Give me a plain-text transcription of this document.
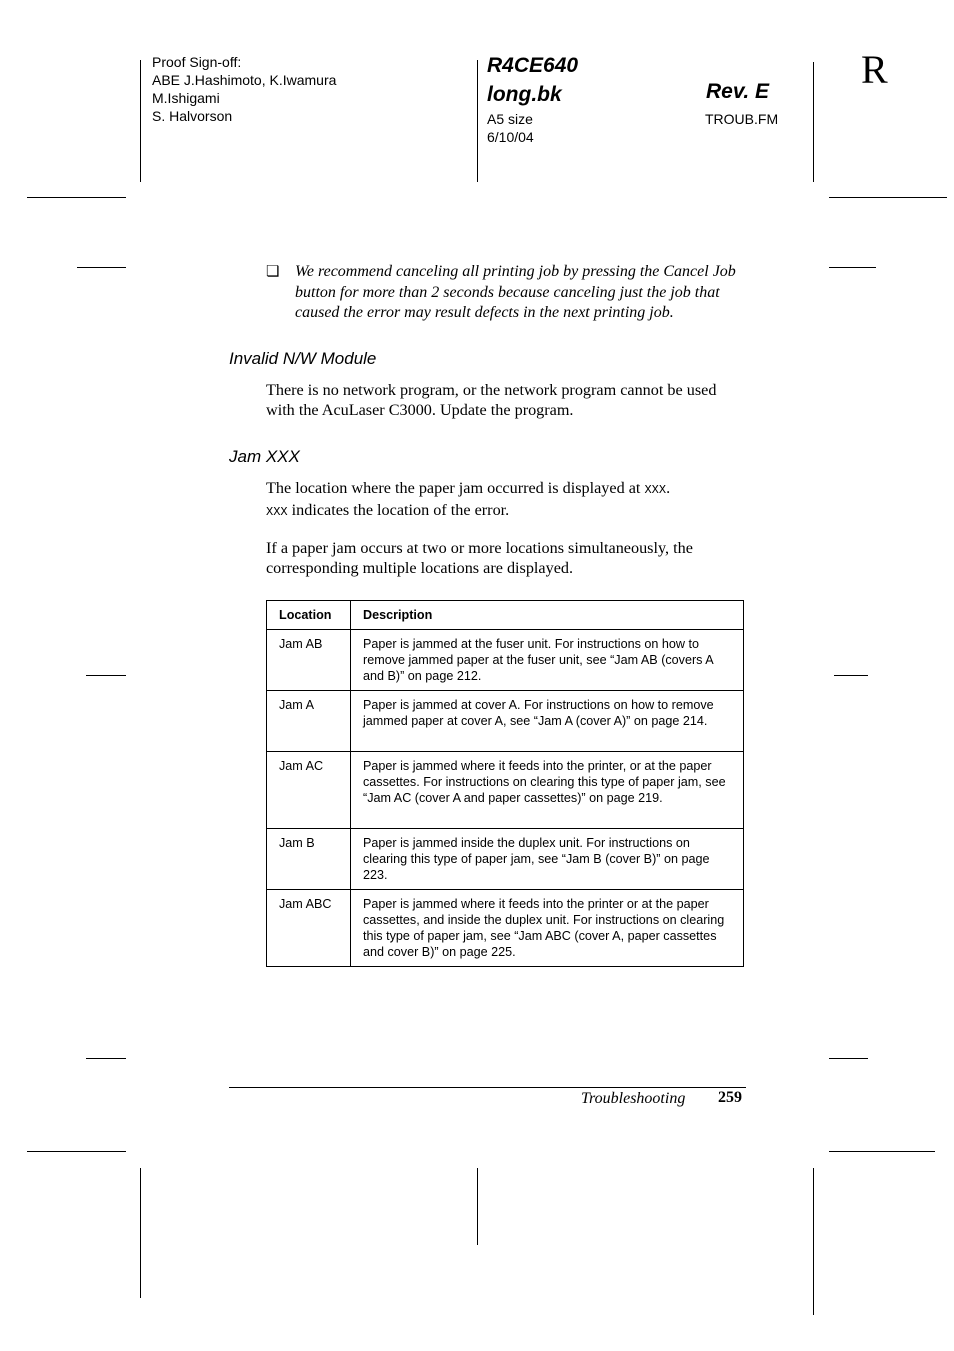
Proof Sign-off:
ABE J.Hashimoto, K.Iwamura
M.Ishigami
S. Halvorson
R4CE640
long.bk	Rev. E
A5 size
6/10/04
TROUB.FM
R
❏ We recommend canceling all printing job by pressing the Cancel Job button for more than 2 seconds because canceling just the job that caused the error may result defects in the next printing job.
Invalid N/W Module
There is no network program, or the network program cannot be used with the AcuLaser C3000. Update the program.
Jam XXX
The location where the paper jam occurred is displayed at XXX.
XXX indicates the location of the error.
If a paper jam occurs at two or more locations simultaneously, the corresponding multiple locations are displayed.
Location	Description

Jam AB	Paper is jammed at the fuser unit. For instructions on how to remove jammed paper at the fuser unit, see “Jam AB (covers A and B)” on page 212.

Jam A	Paper is jammed at cover A. For instructions on how to remove jammed paper at cover A, see “Jam A (cover A)” on page 214.

Jam AC	Paper is jammed where it feeds into the printer, or at the paper cassettes. For instructions on clearing this type of paper jam, see “Jam AC (cover A and paper cassettes)” on page 219.

Jam B	Paper is jammed inside the duplex unit. For instructions on clearing this type of paper jam, see “Jam B (cover B)” on page 223.

Jam ABC	Paper is jammed where it feeds into the printer or at the paper cassettes, and inside the duplex unit. For instructions on clearing this type of paper jam, see “Jam ABC (cover A, paper cassettes and cover B)” on page 225.
Troubleshooting 259
